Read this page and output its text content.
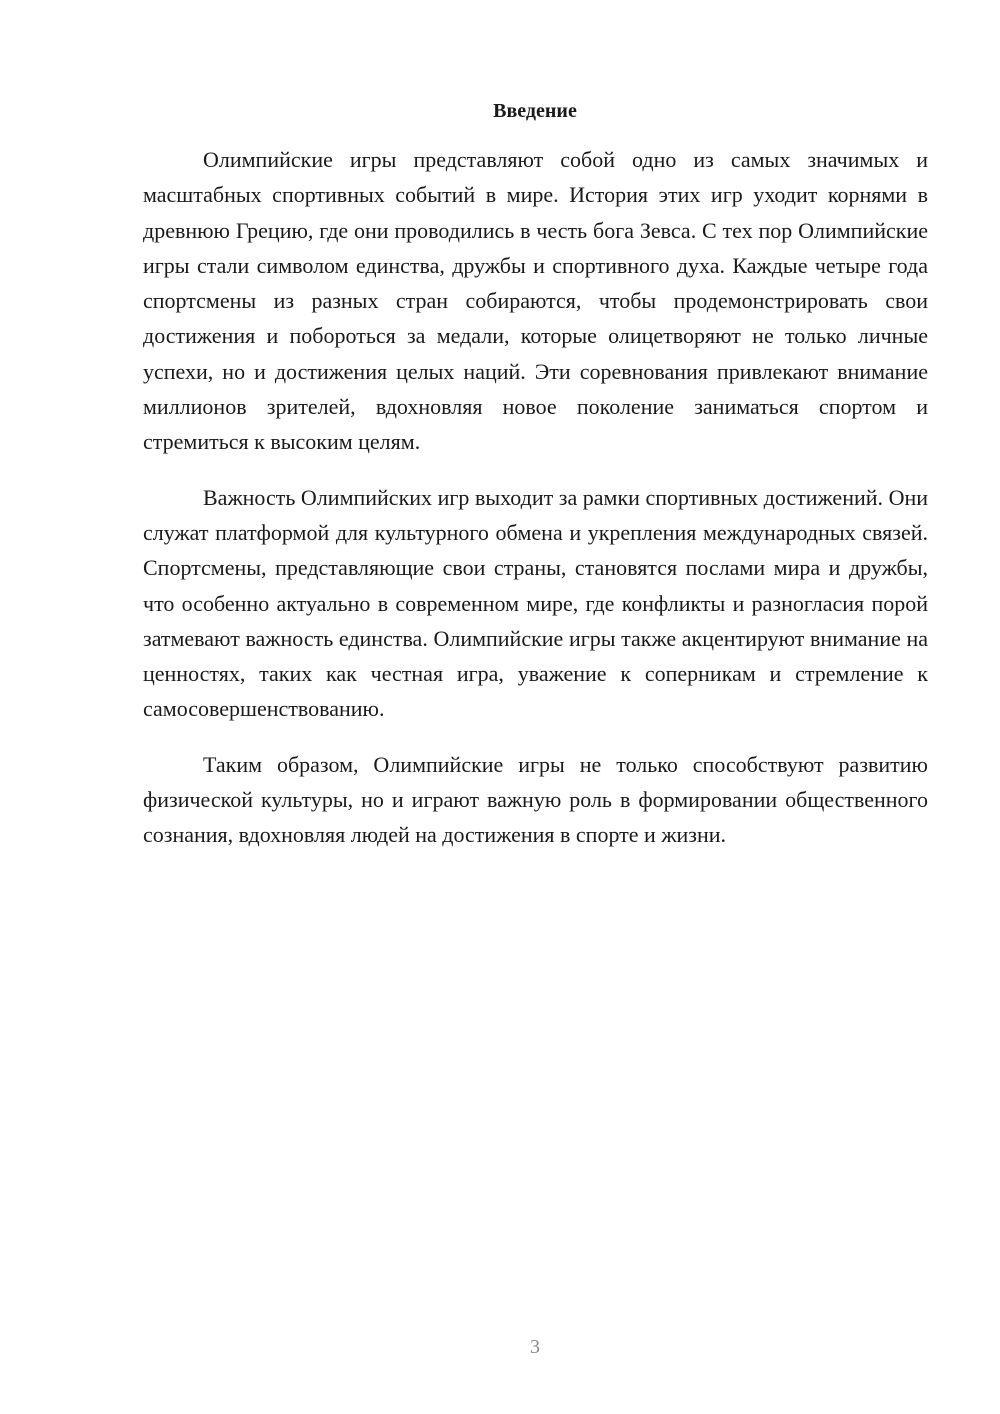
Введение

Олимпийские игры представляют собой одно из самых значимых и масштабных спортивных событий в мире. История этих игр уходит корнями в древнюю Грецию, где они проводились в честь бога Зевса. С тех пор Олимпийские игры стали символом единства, дружбы и спортивного духа. Каждые четыре года спортсмены из разных стран собираются, чтобы продемонстрировать свои достижения и побороться за медали, которые олицетворяют не только личные успехи, но и достижения целых наций. Эти соревнования привлекают внимание миллионов зрителей, вдохновляя новое поколение заниматься спортом и стремиться к высоким целям.

Важность Олимпийских игр выходит за рамки спортивных достижений. Они служат платформой для культурного обмена и укрепления международных связей. Спортсмены, представляющие свои страны, становятся послами мира и дружбы, что особенно актуально в современном мире, где конфликты и разногласия порой затмевают важность единства. Олимпийские игры также акцентируют внимание на ценностях, таких как честная игра, уважение к соперникам и стремление к самосовершенствованию.

Таким образом, Олимпийские игры не только способствуют развитию физической культуры, но и играют важную роль в формировании общественного сознания, вдохновляя людей на достижения в спорте и жизни.

3
